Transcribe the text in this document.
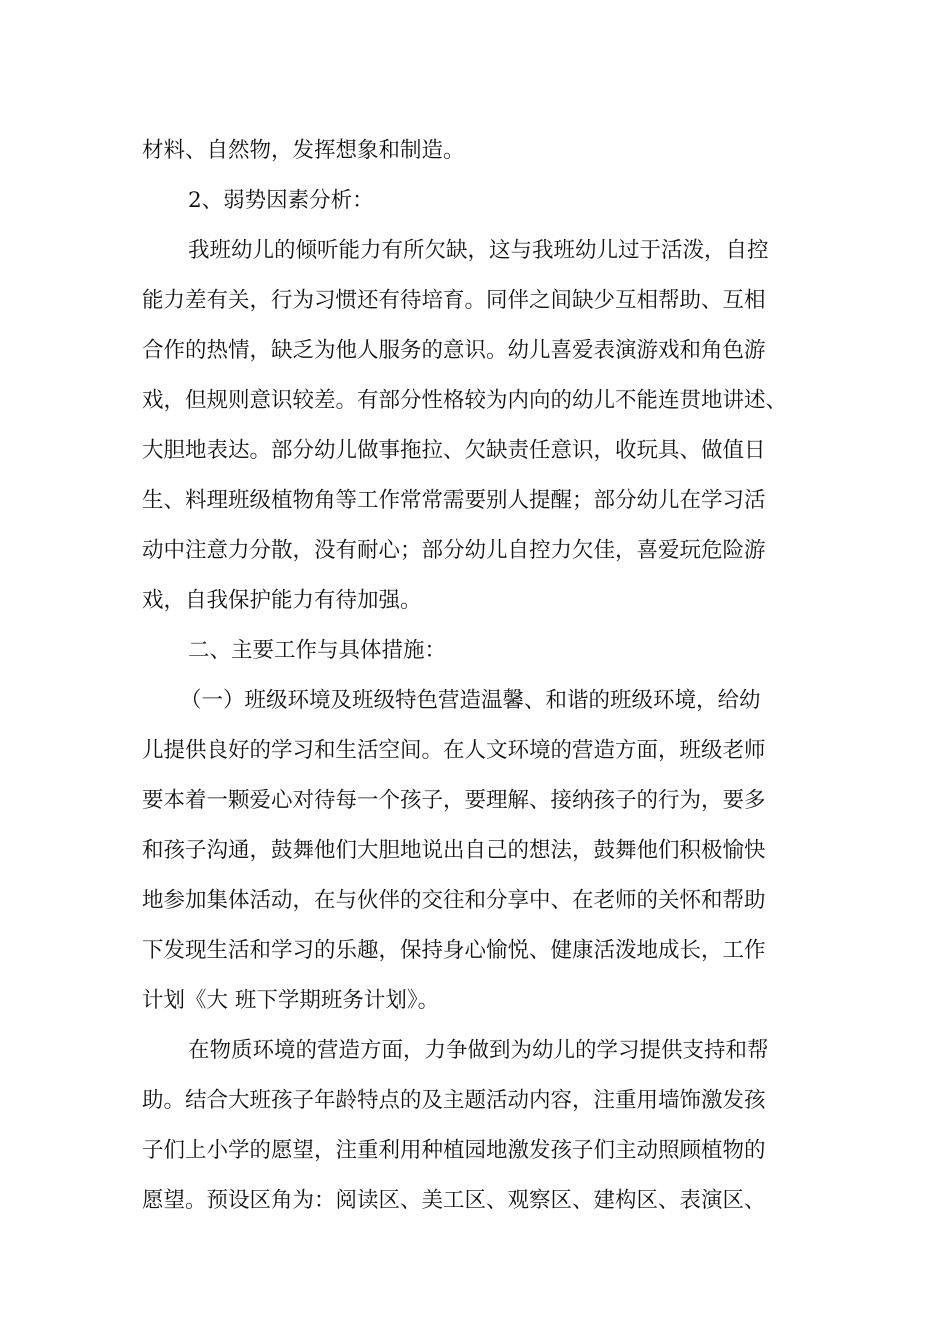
材料、自然物，发挥想象和制造。

2、弱势因素分析：

我班幼儿的倾听能力有所欠缺，这与我班幼儿过于活泼，自控

能力差有关，行为习惯还有待培育。同伴之间缺少互相帮助、互相

合作的热情，缺乏为他人服务的意识。幼儿喜爱表演游戏和角色游

戏，但规则意识较差。有部分性格较为内向的幼儿不能连贯地讲述、

大胆地表达。部分幼儿做事拖拉、欠缺责任意识，收玩具、做值日

生、料理班级植物角等工作常常需要别人提醒；部分幼儿在学习活

动中注意力分散，没有耐心；部分幼儿自控力欠佳，喜爱玩危险游

戏，自我保护能力有待加强。

二、主要工作与具体措施：

（一）班级环境及班级特色营造温馨、和谐的班级环境，给幼

儿提供良好的学习和生活空间。在人文环境的营造方面，班级老师

要本着一颗爱心对待每一个孩子，要理解、接纳孩子的行为，要多

和孩子沟通，鼓舞他们大胆地说出自己的想法，鼓舞他们积极愉快

地参加集体活动，在与伙伴的交往和分享中、在老师的关怀和帮助

下发现生活和学习的乐趣，保持身心愉悦、健康活泼地成长，工作

计划《大 班下学期班务计划》。

在物质环境的营造方面，力争做到为幼儿的学习提供支持和帮

助。结合大班孩子年龄特点的及主题活动内容，注重用墙饰激发孩

子们上小学的愿望，注重利用种植园地激发孩子们主动照顾植物的

愿望。预设区角为：阅读区、美工区、观察区、建构区、表演区、
